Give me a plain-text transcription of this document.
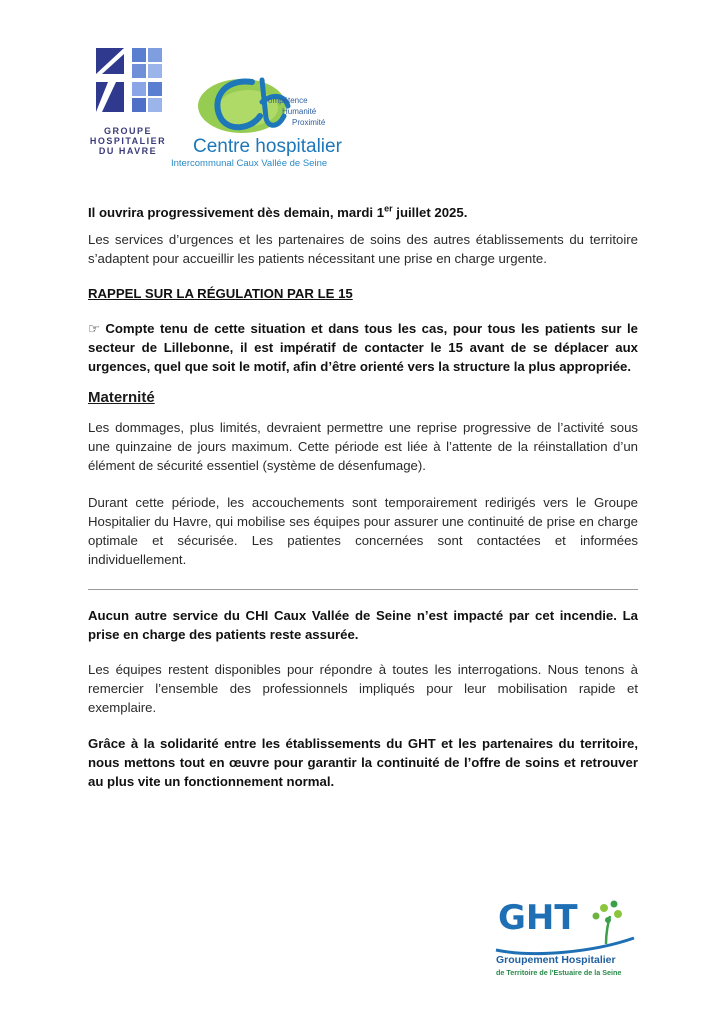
GROUPE
HOSPITALIER
DU HAVRE
ompétence
Humanité
Proximité
Centre hospitalier
Intercommunal Caux Vallée de Seine

Il ouvrira progressivement dès demain, mardi 1er juillet 2025.

Les services d’urgences et les partenaires de soins des autres établissements du territoire s’adaptent pour accueillir les patients nécessitant une prise en charge urgente.

RAPPEL SUR LA RÉGULATION PAR LE 15

☞ Compte tenu de cette situation et dans tous les cas, pour tous les patients sur le secteur de Lillebonne, il est impératif de contacter le 15 avant de se déplacer aux urgences, quel que soit le motif, afin d’être orienté vers la structure la plus appropriée.

Maternité

Les dommages, plus limités, devraient permettre une reprise progressive de l’activité sous une quinzaine de jours maximum. Cette période est liée à l’attente de la réinstallation d’un élément de sécurité essentiel (système de désenfumage).

Durant cette période, les accouchements sont temporairement redirigés vers le Groupe Hospitalier du Havre, qui mobilise ses équipes pour assurer une continuité de prise en charge optimale et sécurisée. Les patientes concernées sont contactées et informées individuellement.

Aucun autre service du CHI Caux Vallée de Seine n’est impacté par cet incendie. La prise en charge des patients reste assurée.

Les équipes restent disponibles pour répondre à toutes les interrogations. Nous tenons à remercier l’ensemble des professionnels impliqués pour leur mobilisation rapide et exemplaire.

Grâce à la solidarité entre les établissements du GHT et les partenaires du territoire, nous mettons tout en œuvre pour garantir la continuité de l’offre de soins et retrouver au plus vite un fonctionnement normal.

GHT
Groupement Hospitalier
de Territoire de l'Estuaire de la Seine
